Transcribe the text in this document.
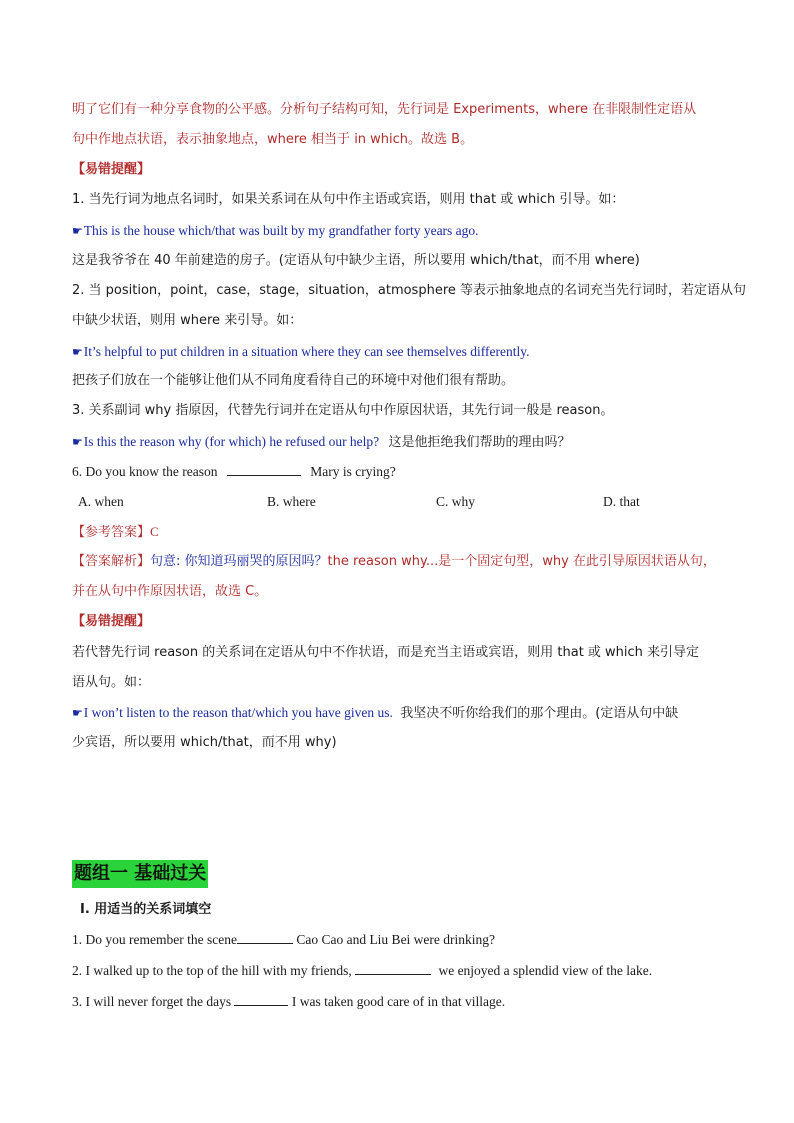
明了它们有一种分享食物的公平感。分析句子结构可知，先行词是 Experiments，where 在非限制性定语从
句中作地点状语，表示抽象地点，where 相当于 in which。故选 B。
【易错提醒】
1. 当先行词为地点名词时，如果关系词在从句中作主语或宾语，则用 that 或 which 引导。如：
☛This is the house which/that was built by my grandfather forty years ago.
这是我爷爷在 40 年前建造的房子。(定语从句中缺少主语，所以要用 which/that，而不用 where)
2. 当 position，point，case，stage，situation，atmosphere 等表示抽象地点的名词充当先行词时，若定语从句
中缺少状语，则用 where 来引导。如：
☛It’s helpful to put children in a situation where they can see themselves differently.
把孩子们放在一个能够让他们从不同角度看待自己的环境中对他们很有帮助。
3. 关系副词 why 指原因，代替先行词并在定语从句中作原因状语，其先行词一般是 reason。
☛Is this the reason why (for which) he refused our help? 这是他拒绝我们帮助的理由吗？
6. Do you know the reason	Mary is crying?
A. when	B. where	C. why	D. that
【参考答案】C
【答案解析】句意: 你知道玛丽哭的原因吗？the reason why...是一个固定句型，why 在此引导原因状语从句，
并在从句中作原因状语，故选 C。
【易错提醒】
若代替先行词 reason 的关系词在定语从句中不作状语，而是充当主语或宾语，则用 that 或 which 来引导定
语从句。如：
☛I won’t listen to the reason that/which you have given us. 我坚决不听你给我们的那个理由。(定语从句中缺
少宾语，所以要用 which/that，而不用 why)
题组一 基础过关
I. 用适当的关系词填空
1. Do you remember the scene	Cao Cao and Liu Bei were drinking?
2. I walked up to the top of the hill with my friends,	we enjoyed a splendid view of the lake.
3. I will never forget the days	I was taken good care of in that village.
